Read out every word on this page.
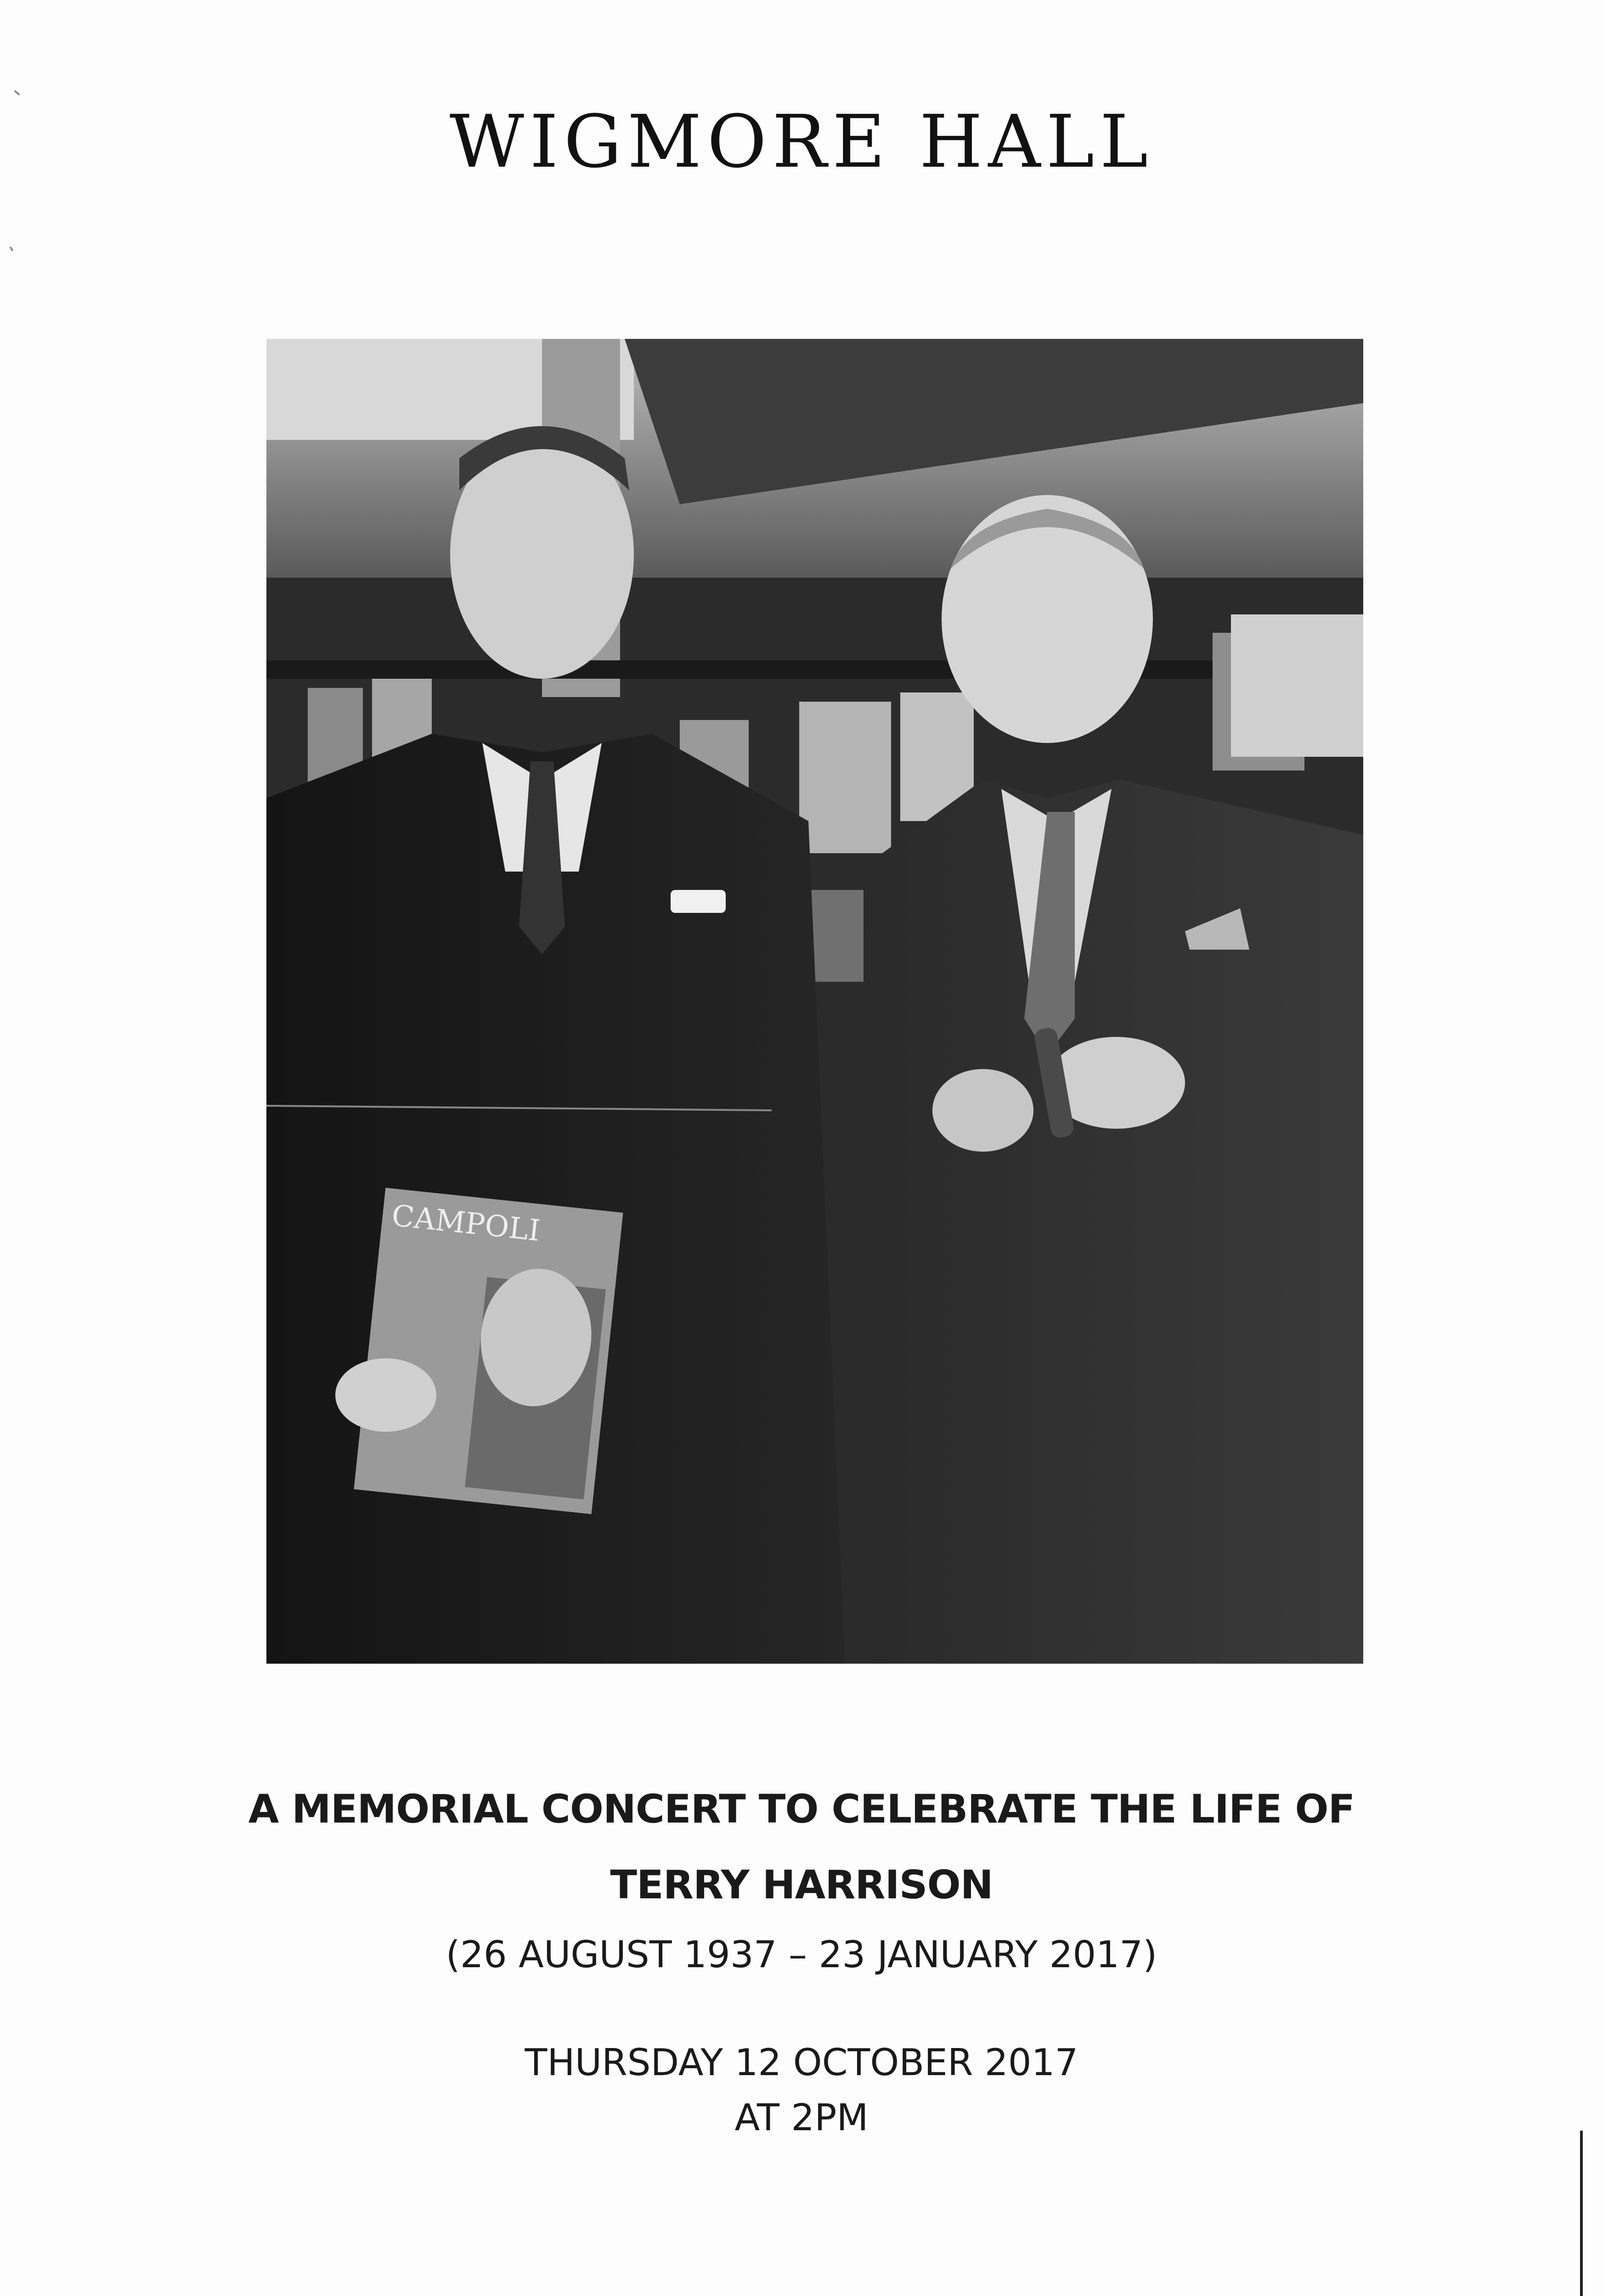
WIGMORE HALL
CAMPOLI
A MEMORIAL CONCERT TO CELEBRATE THE LIFE OF
TERRY HARRISON
(26 AUGUST 1937 – 23 JANUARY 2017)
THURSDAY 12 OCTOBER 2017
AT 2PM
